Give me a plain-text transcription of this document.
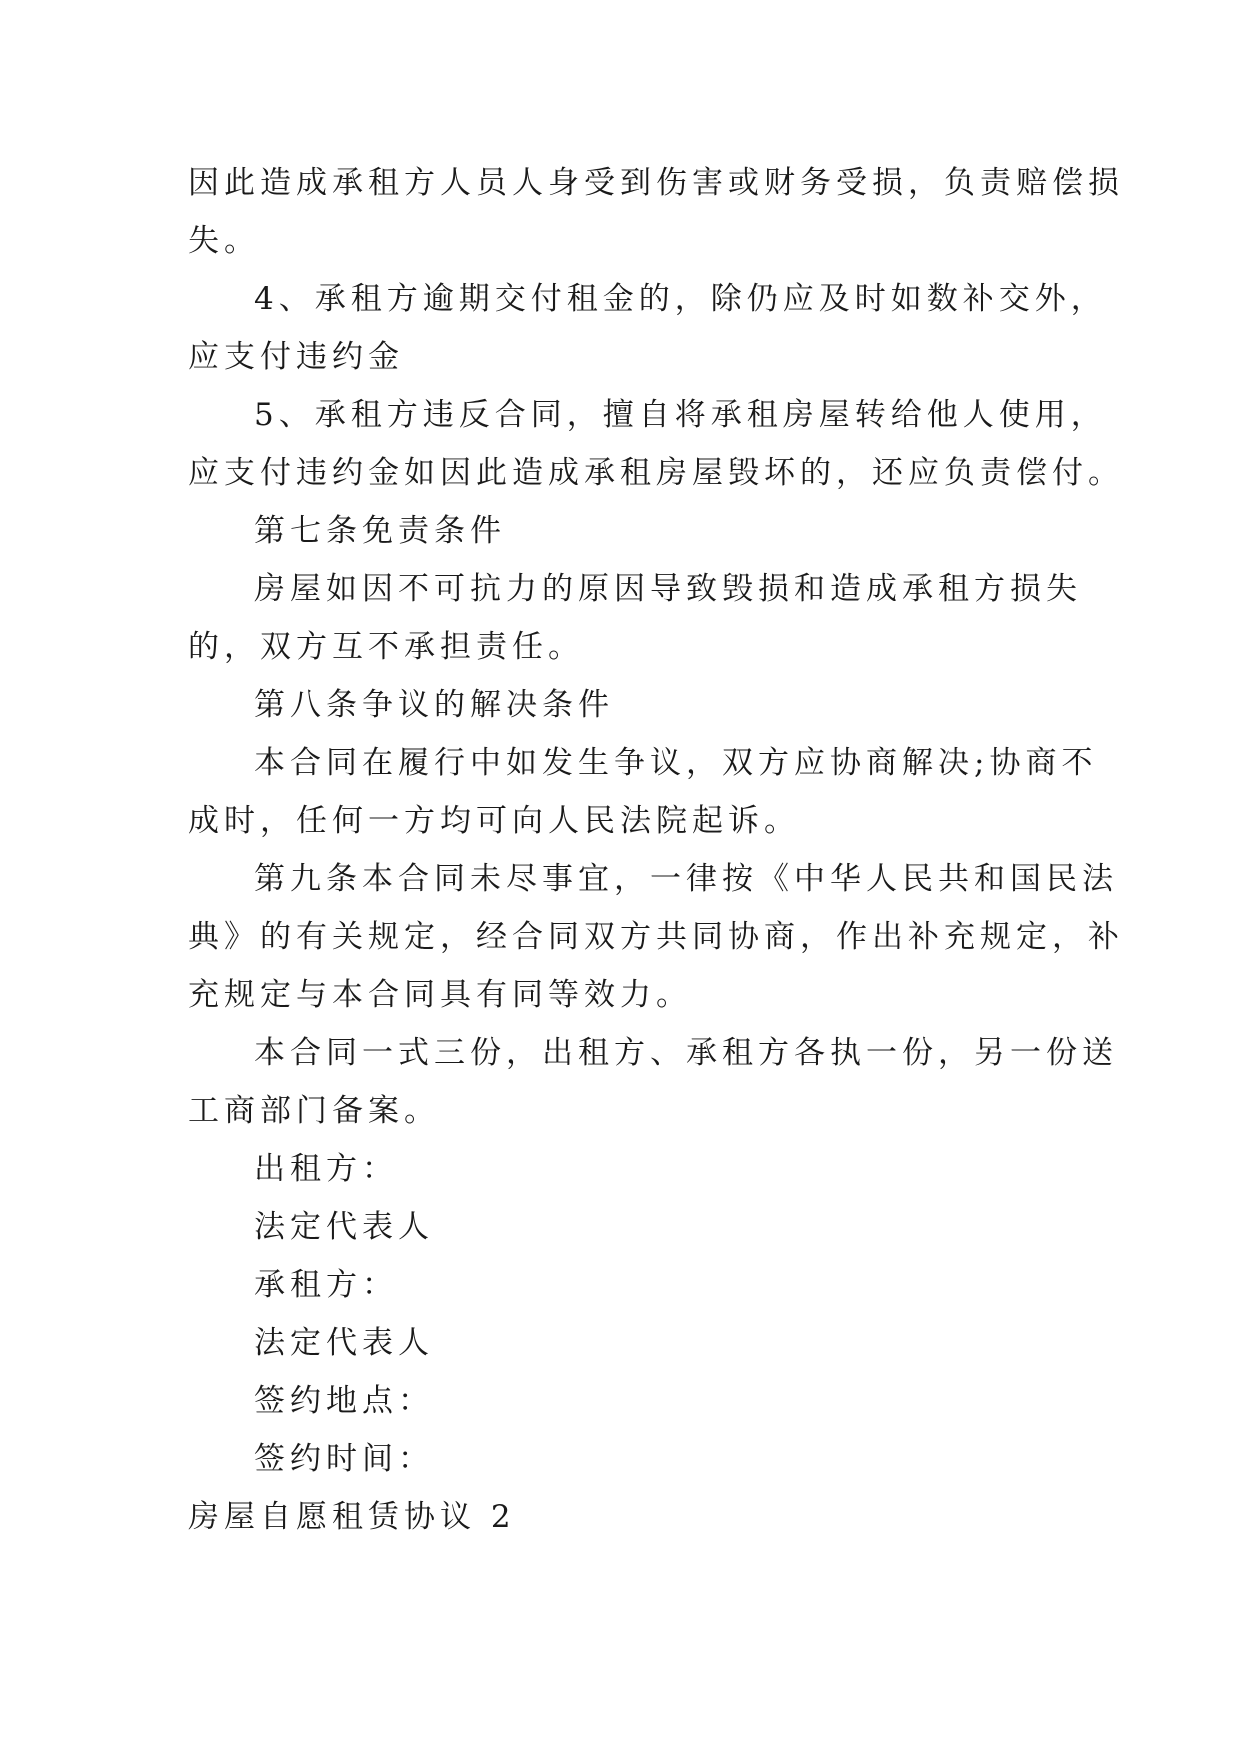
因此造成承租方人员人身受到伤害或财务受损，负责赔偿损
失。
4、承租方逾期交付租金的，除仍应及时如数补交外，
应支付违约金
5、承租方违反合同，擅自将承租房屋转给他人使用，
应支付违约金如因此造成承租房屋毁坏的，还应负责偿付。
第七条免责条件
房屋如因不可抗力的原因导致毁损和造成承租方损失
的，双方互不承担责任。
第八条争议的解决条件
本合同在履行中如发生争议，双方应协商解决;协商不
成时，任何一方均可向人民法院起诉。
第九条本合同未尽事宜，一律按《中华人民共和国民法
典》的有关规定，经合同双方共同协商，作出补充规定，补
充规定与本合同具有同等效力。
本合同一式三份，出租方、承租方各执一份，另一份送
工商部门备案。
出租方：
法定代表人
承租方：
法定代表人
签约地点：
签约时间：
房屋自愿租赁协议 2
